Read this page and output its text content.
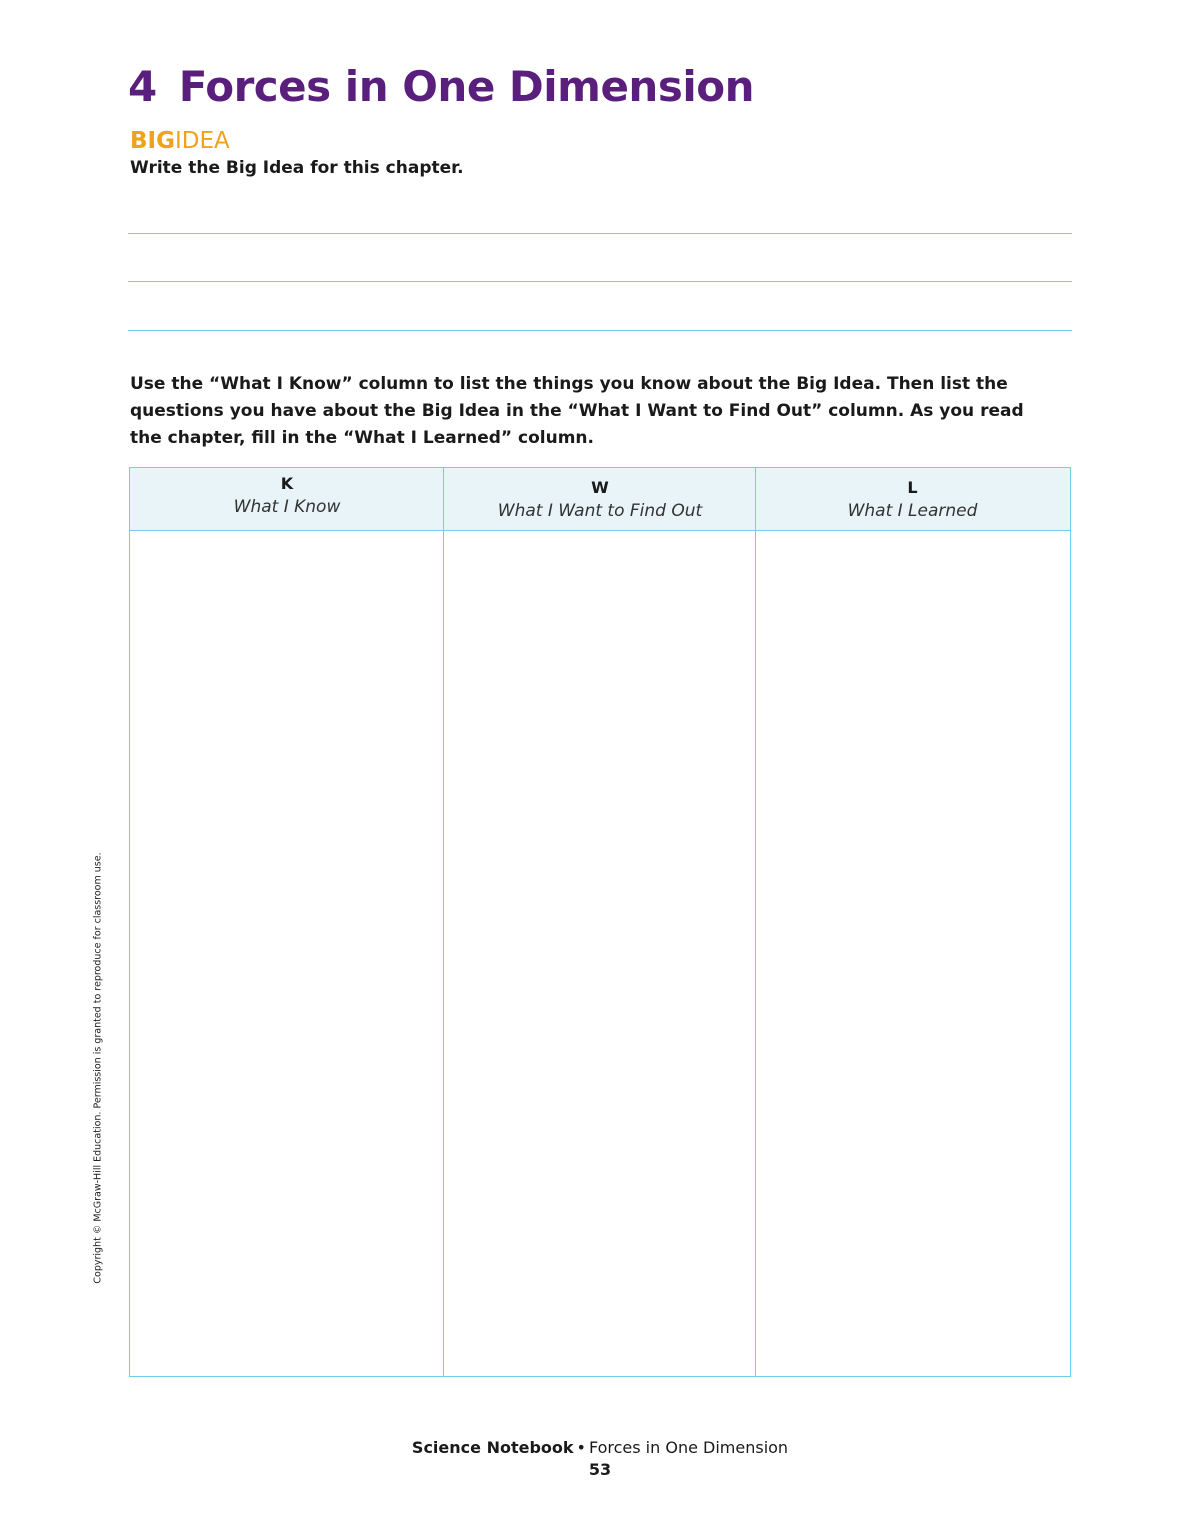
4 Forces in One Dimension
BIGIDEA
Write the Big Idea for this chapter.
Use the “What I Know” column to list the things you know about the Big Idea. Then list the questions you have about the Big Idea in the “What I Want to Find Out” column. As you read the chapter, fill in the “What I Learned” column.
K
What I Know
W
What I Want to Find Out
L
What I Learned
Copyright © McGraw-Hill Education. Permission is granted to reproduce for classroom use.
Science Notebook • Forces in One Dimension
53
